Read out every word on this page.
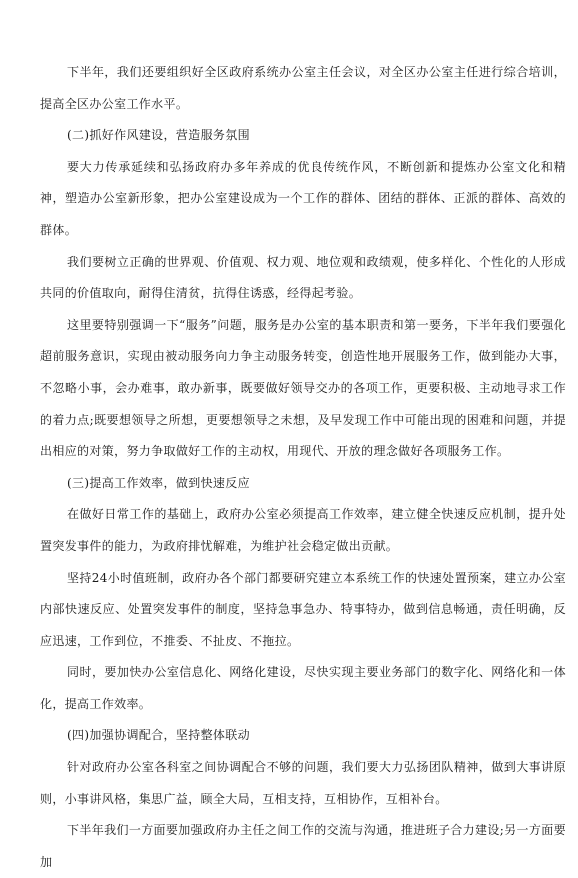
下半年，我们还要组织好全区政府系统办公室主任会议，对全区办公室主任进行综合培训，提高全区办公室工作水平。

(二)抓好作风建设，营造服务氛围

要大力传承延续和弘扬政府办多年养成的优良传统作风，不断创新和提炼办公室文化和精神，塑造办公室新形象，把办公室建设成为一个工作的群体、团结的群体、正派的群体、高效的群体。

我们要树立正确的世界观、价值观、权力观、地位观和政绩观，使多样化、个性化的人形成共同的价值取向，耐得住清贫，抗得住诱惑，经得起考验。

这里要特别强调一下“服务”问题，服务是办公室的基本职责和第一要务，下半年我们要强化超前服务意识，实现由被动服务向力争主动服务转变，创造性地开展服务工作，做到能办大事，不忽略小事，会办难事，敢办新事，既要做好领导交办的各项工作，更要积极、主动地寻求工作的着力点;既要想领导之所想，更要想领导之未想，及早发现工作中可能出现的困难和问题，并提出相应的对策，努力争取做好工作的主动权，用现代、开放的理念做好各项服务工作。

(三)提高工作效率，做到快速反应

在做好日常工作的基础上，政府办公室必须提高工作效率，建立健全快速反应机制，提升处置突发事件的能力，为政府排忧解难，为维护社会稳定做出贡献。

坚持24小时值班制，政府办各个部门都要研究建立本系统工作的快速处置预案，建立办公室内部快速反应、处置突发事件的制度，坚持急事急办、特事特办，做到信息畅通，责任明确，反应迅速，工作到位，不推委、不扯皮、不拖拉。

同时，要加快办公室信息化、网络化建设，尽快实现主要业务部门的数字化、网络化和一体化，提高工作效率。

(四)加强协调配合，坚持整体联动

针对政府办公室各科室之间协调配合不够的问题，我们要大力弘扬团队精神，做到大事讲原则，小事讲风格，集思广益，顾全大局，互相支持，互相协作，互相补台。

下半年我们一方面要加强政府办主任之间工作的交流与沟通，推进班子合力建设;另一方面要加
